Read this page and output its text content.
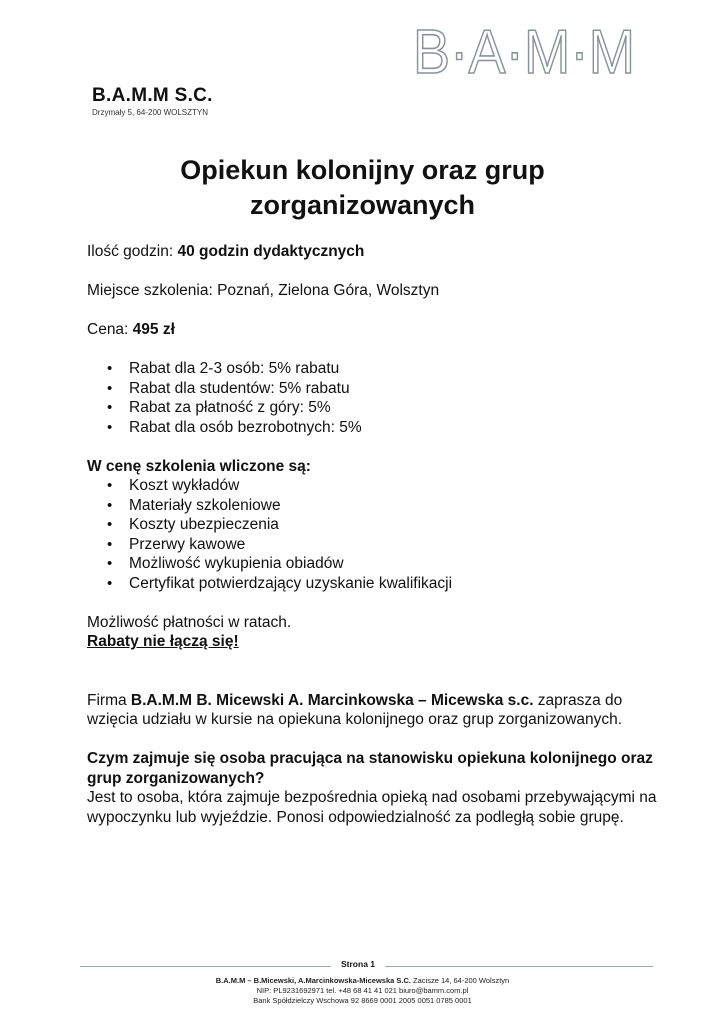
B·A·M·M
B.A.M.M S.C.
Drzymały 5, 64-200 WOLSZTYN
Opiekun kolonijny oraz grup
zorganizowanych

Ilość godzin: 40 godzin dydaktycznych

Miejsce szkolenia: Poznań, Zielona Góra, Wolsztyn

Cena: 495 zł

• Rabat dla 2-3 osób: 5% rabatu
• Rabat dla studentów: 5% rabatu
• Rabat za płatność z góry: 5%
• Rabat dla osób bezrobotnych: 5%

W cenę szkolenia wliczone są:

• Koszt wykładów
• Materiały szkoleniowe
• Koszty ubezpieczenia
• Przerwy kawowe
• Możliwość wykupienia obiadów
• Certyfikat potwierdzający uzyskanie kwalifikacji

Możliwość płatności w ratach.

Rabaty nie łączą się!

Firma B.A.M.M B. Micewski A. Marcinkowska – Micewska s.c. zaprasza do wzięcia udziału w kursie na opiekuna kolonijnego oraz grup zorganizowanych.

Czym zajmuje się osoba pracująca na stanowisku opiekuna kolonijnego oraz grup zorganizowanych?

Jest to osoba, która zajmuje bezpośrednia opieką nad osobami przebywającymi na wypoczynku lub wyjeździe. Ponosi odpowiedzialność za podległą sobie grupę.

Strona 1
B.A.M.M – B.Micewski, A.Marcinkowska-Micewska S.C. Zacisze 14, 64-200 Wolsztyn
NIP: PL9231692971 tel. +48 68 41 41 021 biuro@bamm.com.pl
Bank Spółdzielczy Wschowa 92 8669 0001 2005 0051 0785 0001
